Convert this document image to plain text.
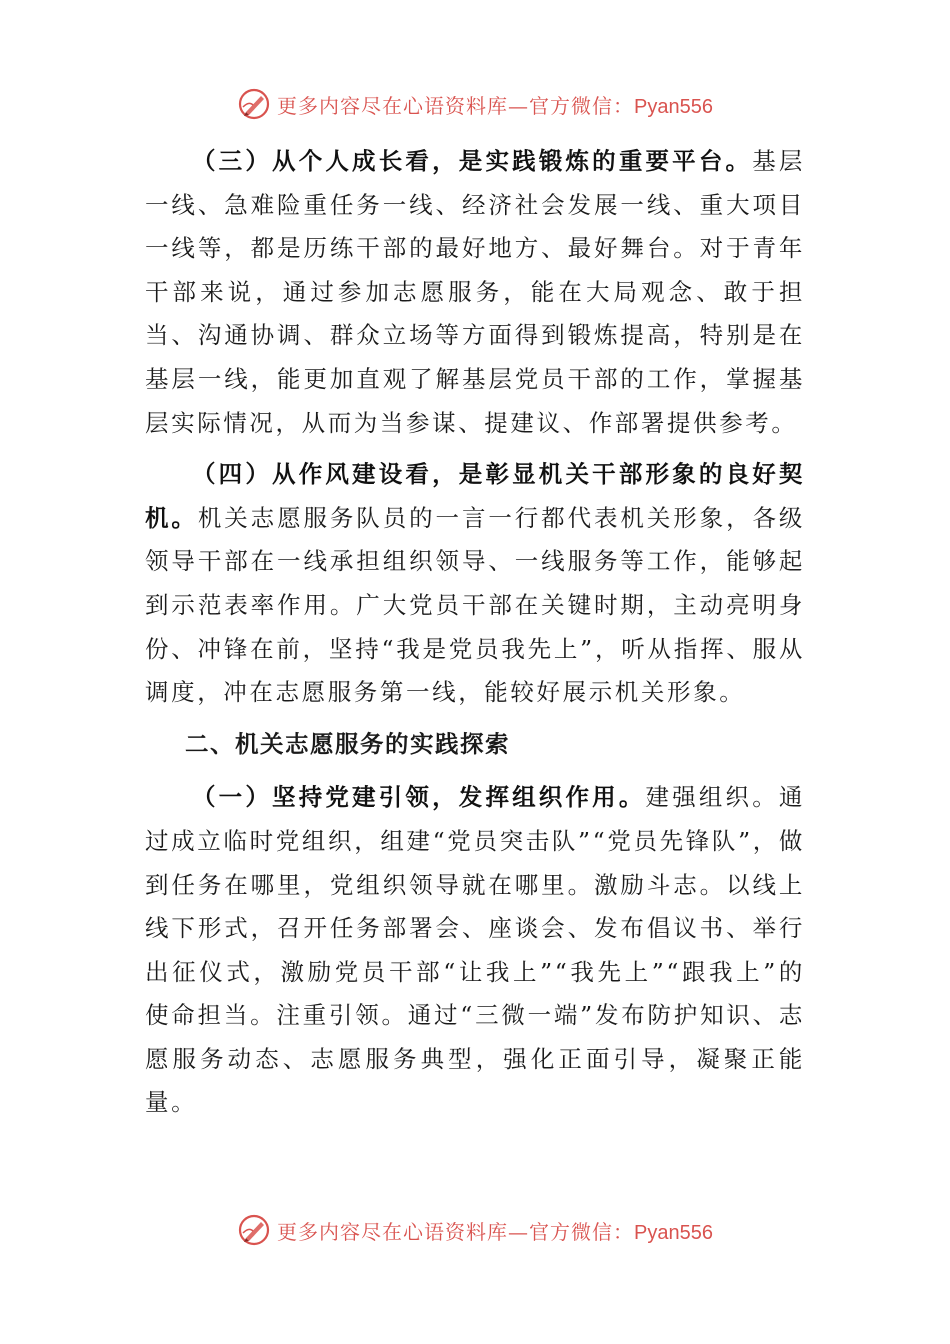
更多内容尽在心语资料库—官方微信：Pyan556

（三）从个人成长看，是实践锻炼的重要平台。基层一线、急难险重任务一线、经济社会发展一线、重大项目一线等，都是历练干部的最好地方、最好舞台。对于青年干部来说，通过参加志愿服务，能在大局观念、敢于担当、沟通协调、群众立场等方面得到锻炼提高，特别是在基层一线，能更加直观了解基层党员干部的工作，掌握基层实际情况，从而为当参谋、提建议、作部署提供参考。

（四）从作风建设看，是彰显机关干部形象的良好契机。机关志愿服务队员的一言一行都代表机关形象，各级领导干部在一线承担组织领导、一线服务等工作，能够起到示范表率作用。广大党员干部在关键时期，主动亮明身份、冲锋在前，坚持“我是党员我先上”，听从指挥、服从调度，冲在志愿服务第一线，能较好展示机关形象。

二、机关志愿服务的实践探索

（一）坚持党建引领，发挥组织作用。建强组织。通过成立临时党组织，组建“党员突击队”“党员先锋队”，做到任务在哪里，党组织领导就在哪里。激励斗志。以线上线下形式，召开任务部署会、座谈会、发布倡议书、举行出征仪式，激励党员干部“让我上”“我先上”“跟我上”的使命担当。注重引领。通过“三微一端”发布防护知识、志愿服务动态、志愿服务典型，强化正面引导，凝聚正能量。

更多内容尽在心语资料库—官方微信：Pyan556
